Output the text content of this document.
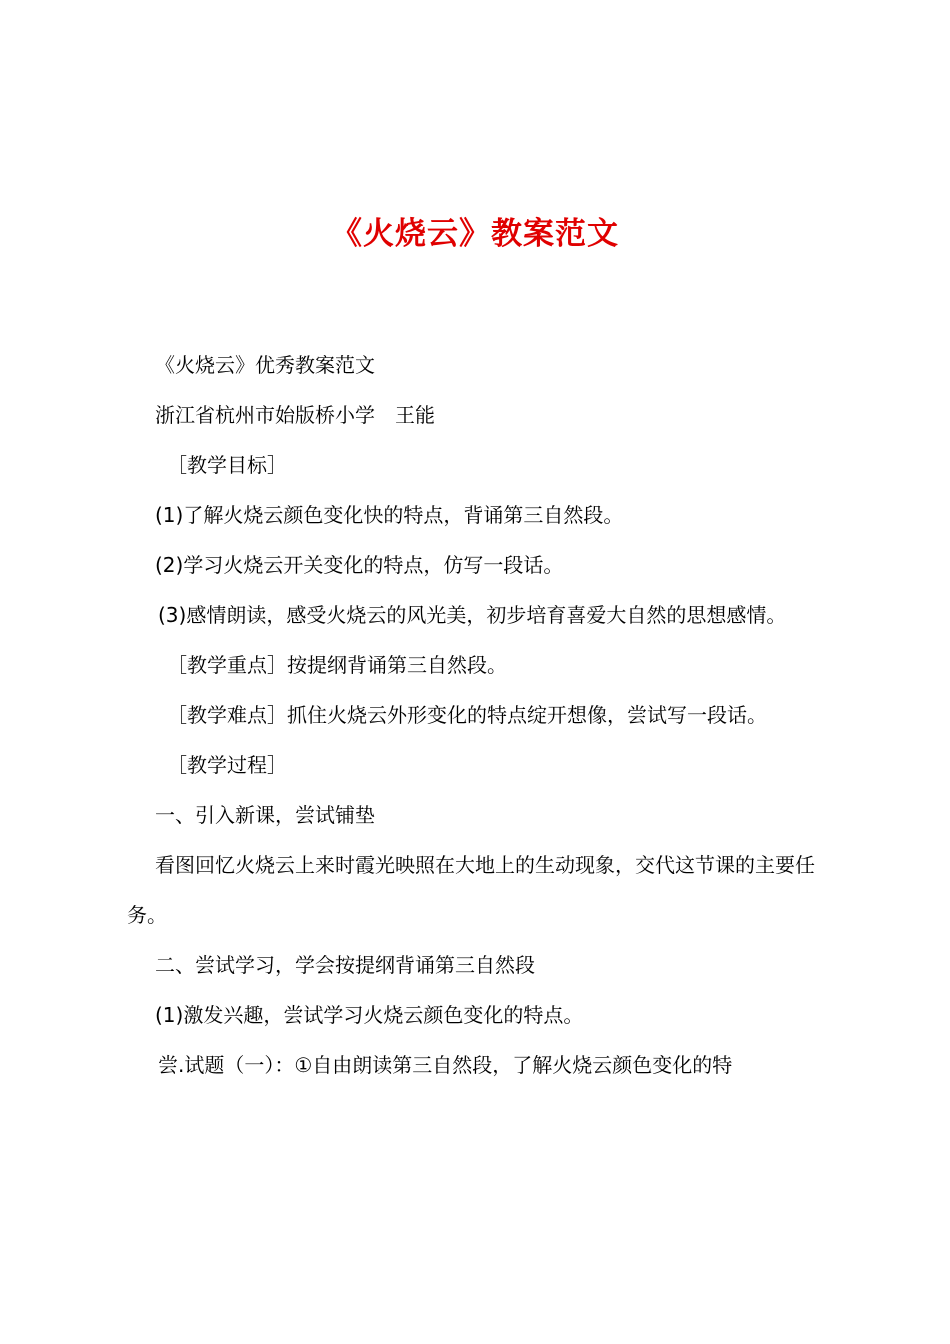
《火烧云》教案范文

《火烧云》优秀教案范文

浙江省杭州市始版桥小学　王能

［教学目标］

(1)了解火烧云颜色变化快的特点，背诵第三自然段。

(2)学习火烧云开关变化的特点，仿写一段话。

(3)感情朗读，感受火烧云的风光美，初步培育喜爱大自然的思想感情。

［教学重点］按提纲背诵第三自然段。

［教学难点］抓住火烧云外形变化的特点绽开想像，尝试写一段话。

［教学过程］

一、引入新课，尝试铺垫

看图回忆火烧云上来时霞光映照在大地上的生动现象，交代这节课的主要任务。

二、尝试学习，学会按提纲背诵第三自然段

(1)激发兴趣，尝试学习火烧云颜色变化的特点。

尝.试题（一）：①自由朗读第三自然段，了解火烧云颜色变化的特
